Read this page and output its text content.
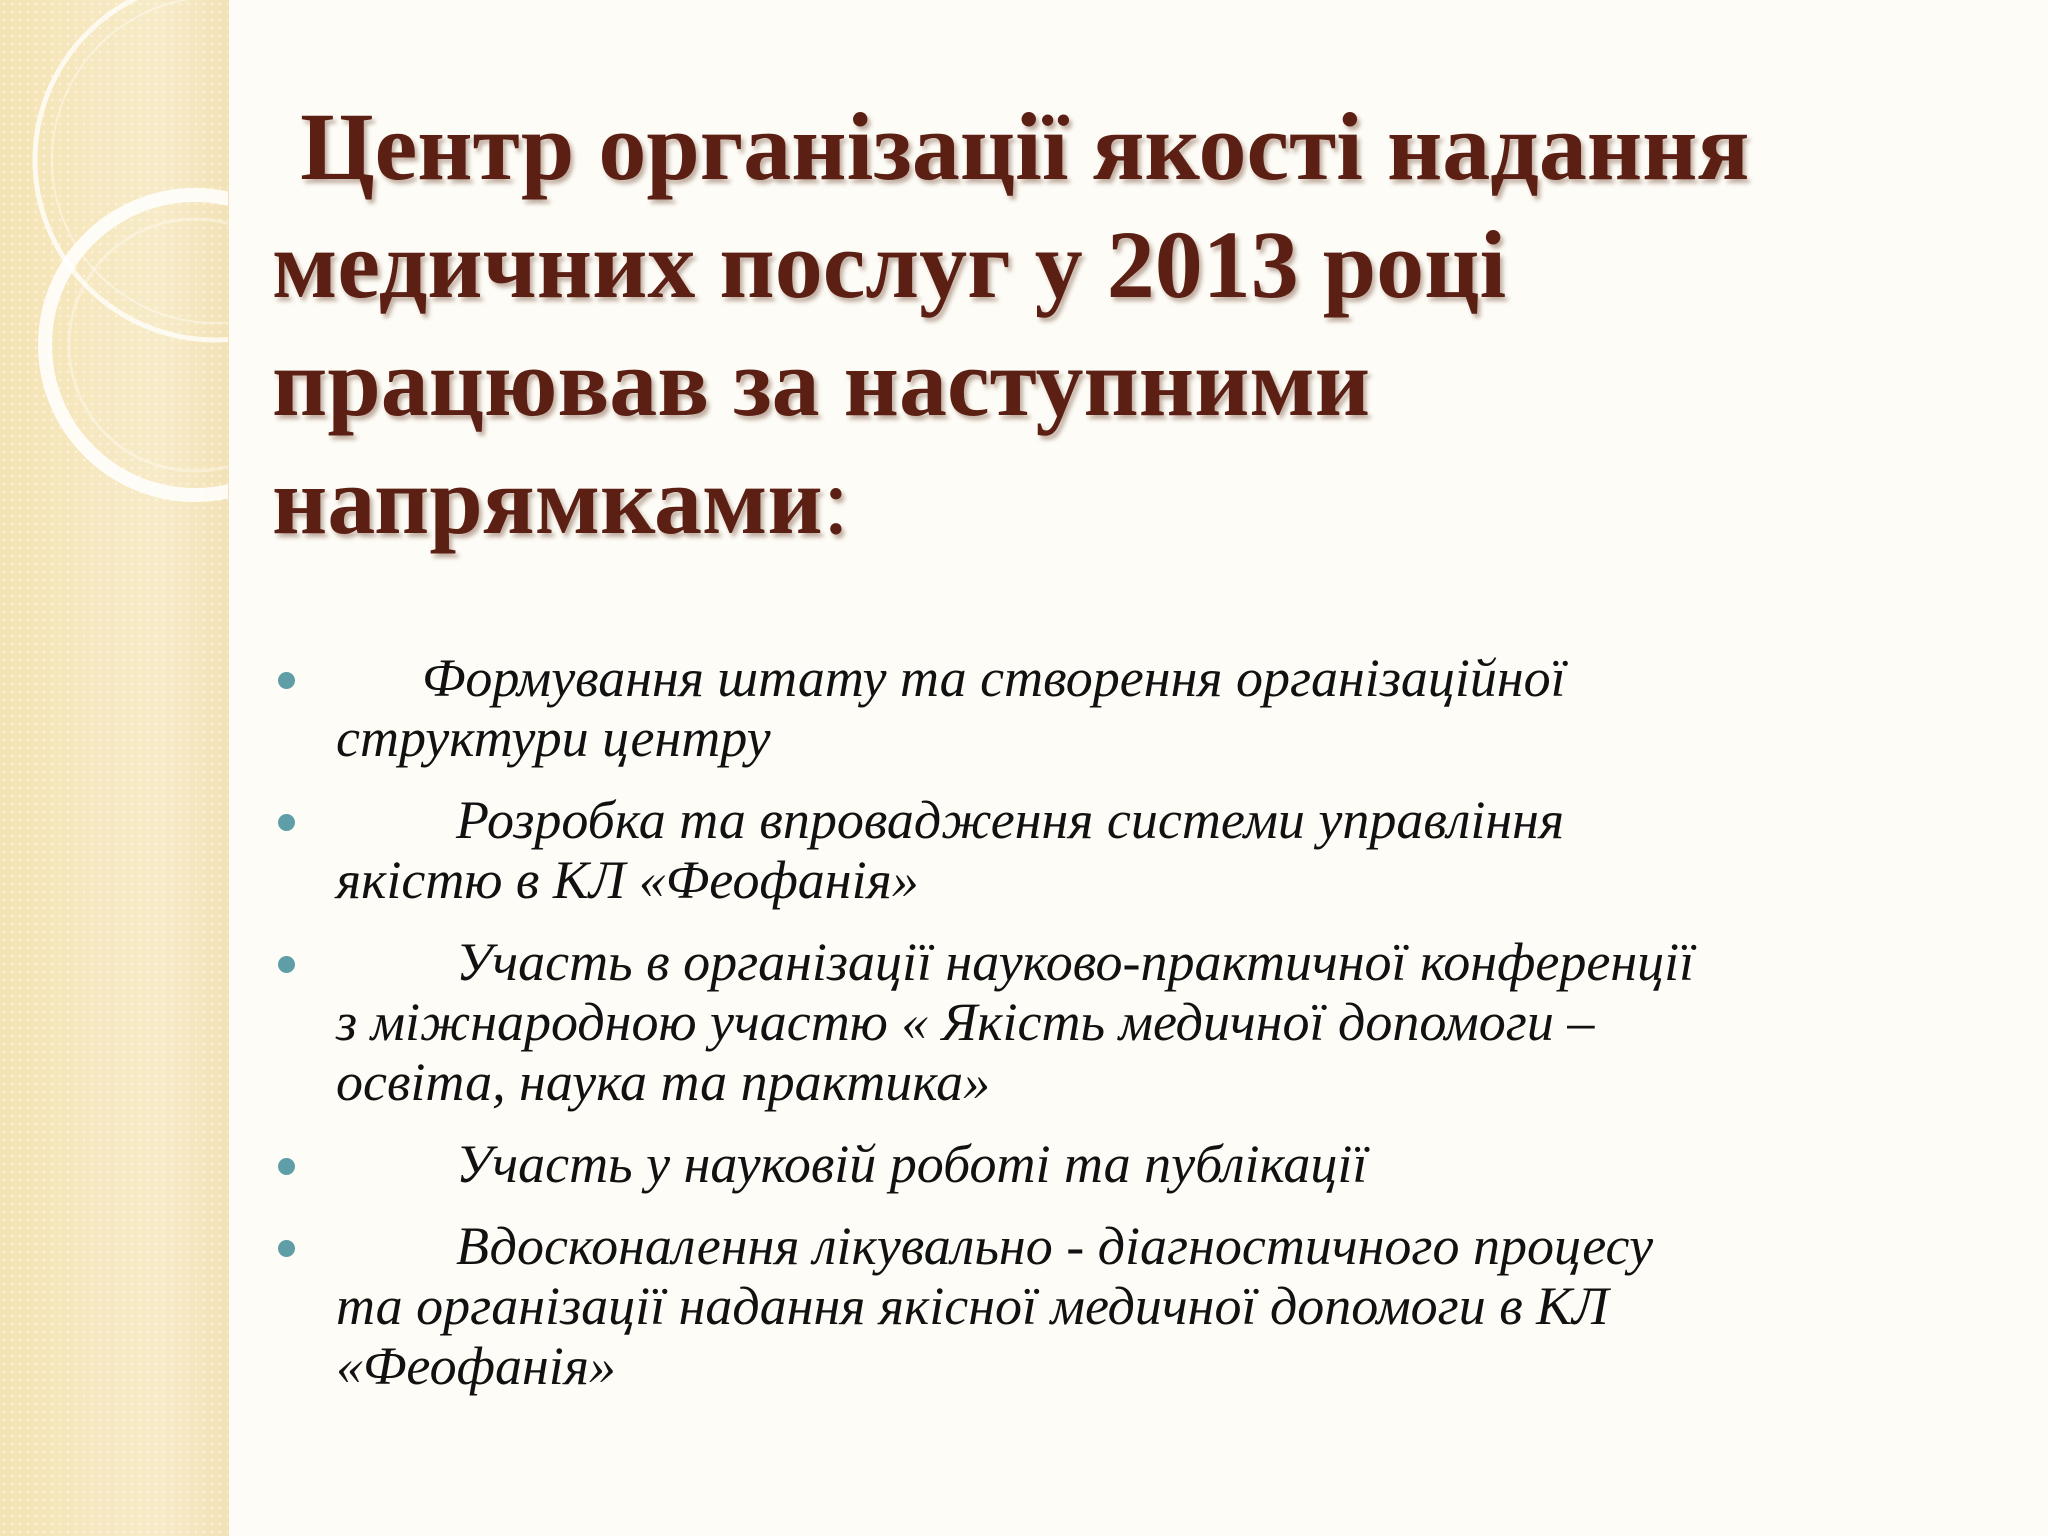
Центр організації якості надання
медичних послуг у 2013 році
працював за наступними
напрямками:
Формування штату та створення організаційної
структури центру
Розробка та впровадження системи управління
якістю в КЛ «Феофанія»
Участь в організації науково-практичної конференції
з міжнародною участю « Якість медичної допомоги –
освіта, наука та практика»
Участь у науковій роботі та публікації
Вдосконалення лікувально - діагностичного процесу
та організації надання якісної медичної допомоги в КЛ
«Феофанія»
